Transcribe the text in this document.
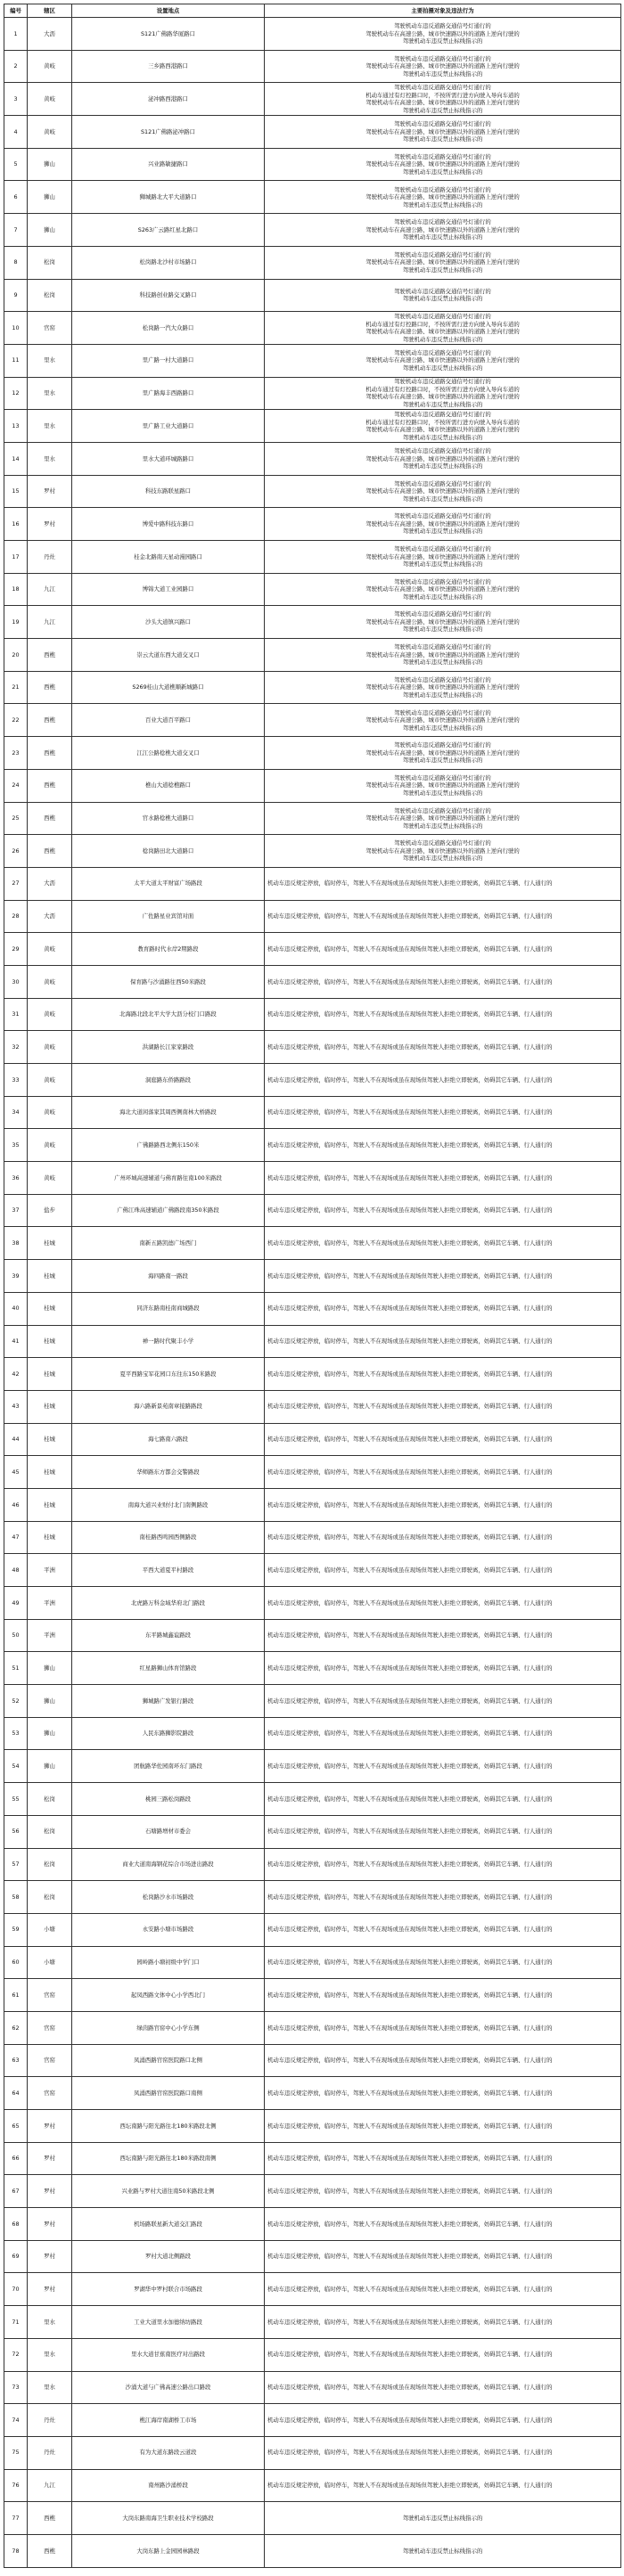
编号	辖区	设置地点	主要拍摄对象及违法行为
1	大沥	S121广佛路华厦路口	驾驶机动车违反道路交通信号灯通行的
驾驶机动车在高速公路、城市快速路以外的道路上逆向行驶的
驾驶机动车违反禁止标线指示的
2	黄岐	三乡路西港路口	驾驶机动车违反道路交通信号灯通行的
驾驶机动车在高速公路、城市快速路以外的道路上逆向行驶的
驾驶机动车违反禁止标线指示的
3	黄岐	泌冲路西港路口	驾驶机动车违反道路交通信号灯通行的
机动车通过有灯控路口时，不按所需行进方向驶入导向车道的
驾驶机动车在高速公路、城市快速路以外的道路上逆向行驶的
驾驶机动车违反禁止标线指示的
4	黄岐	S121广佛路泌冲路口	驾驶机动车违反道路交通信号灯通行的
驾驶机动车在高速公路、城市快速路以外的道路上逆向行驶的
驾驶机动车违反禁止标线指示的
5	狮山	兴业路敏捷路口	驾驶机动车违反道路交通信号灯通行的
驾驶机动车在高速公路、城市快速路以外的道路上逆向行驶的
驾驶机动车违反禁止标线指示的
6	狮山	狮城路北大平大道路口	驾驶机动车违反道路交通信号灯通行的
驾驶机动车在高速公路、城市快速路以外的道路上逆向行驶的
驾驶机动车违反禁止标线指示的
7	狮山	S263广云路红星北路口	驾驶机动车违反道路交通信号灯通行的
驾驶机动车在高速公路、城市快速路以外的道路上逆向行驶的
驾驶机动车违反禁止标线指示的
8	松岗	松岗路北沙村市场路口	驾驶机动车违反道路交通信号灯通行的
驾驶机动车在高速公路、城市快速路以外的道路上逆向行驶的
驾驶机动车违反禁止标线指示的
9	松岗	科技路创业路交叉路口	驾驶机动车违反道路交通信号灯通行的
驾驶机动车违反禁止标线指示的
10	官窑	松岗路一汽大众路口	驾驶机动车违反道路交通信号灯通行的
机动车通过有灯控路口时，不按所需行进方向驶入导向车道的
驾驶机动车在高速公路、城市快速路以外的道路上逆向行驶的
驾驶机动车违反禁止标线指示的
11	里水	里广路一村大道路口	驾驶机动车违反道路交通信号灯通行的
驾驶机动车在高速公路、城市快速路以外的道路上逆向行驶的
驾驶机动车违反禁止标线指示的
12	里水	里广路海丰西路路口	驾驶机动车违反道路交通信号灯通行的
机动车通过有灯控路口时，不按所需行进方向驶入导向车道的
驾驶机动车在高速公路、城市快速路以外的道路上逆向行驶的
驾驶机动车违反禁止标线指示的
13	里水	里广路工业大道路口	驾驶机动车违反道路交通信号灯通行的
机动车通过有灯控路口时，不按所需行进方向驶入导向车道的
驾驶机动车在高速公路、城市快速路以外的道路上逆向行驶的
驾驶机动车违反禁止标线指示的
14	里水	里水大道环城路路口	驾驶机动车违反道路交通信号灯通行的
驾驶机动车在高速公路、城市快速路以外的道路上逆向行驶的
驾驶机动车违反禁止标线指示的
15	罗村	科技东路联星路口	驾驶机动车违反道路交通信号灯通行的
驾驶机动车在高速公路、城市快速路以外的道路上逆向行驶的
驾驶机动车违反禁止标线指示的
16	罗村	博爱中路科技东路口	驾驶机动车违反道路交通信号灯通行的
驾驶机动车在高速公路、城市快速路以外的道路上逆向行驶的
驾驶机动车违反禁止标线指示的
17	丹灶	桂金北路南天星动漫园路口	驾驶机动车违反道路交通信号灯通行的
驾驶机动车在高速公路、城市快速路以外的道路上逆向行驶的
驾驶机动车违反禁止标线指示的
18	九江	博锦大道工业园路口	驾驶机动车违反道路交通信号灯通行的
驾驶机动车在高速公路、城市快速路以外的道路上逆向行驶的
驾驶机动车违反禁止标线指示的
19	九江	沙头大道镇兴路口	驾驶机动车违反道路交通信号灯通行的
驾驶机动车在高速公路、城市快速路以外的道路上逆向行驶的
驾驶机动车违反禁止标线指示的
20	西樵	崇云大道东西大道交叉口	驾驶机动车违反道路交通信号灯通行的
驾驶机动车在高速公路、城市快速路以外的道路上逆向行驶的
驾驶机动车违反禁止标线指示的
21	西樵	S269桂山大道樵顺新城路口	驾驶机动车违反道路交通信号灯通行的
驾驶机动车在高速公路、城市快速路以外的道路上逆向行驶的
驾驶机动车违反禁止标线指示的
22	西樵	百业大道百平路口	驾驶机动车违反道路交通信号灯通行的
驾驶机动车在高速公路、城市快速路以外的道路上逆向行驶的
驾驶机动车违反禁止标线指示的
23	西樵	江江公路稔樵大道交叉口	驾驶机动车违反道路交通信号灯通行的
驾驶机动车在高速公路、城市快速路以外的道路上逆向行驶的
驾驶机动车违反禁止标线指示的
24	西樵	樵山大道稔樵路口	驾驶机动车违反道路交通信号灯通行的
驾驶机动车在高速公路、城市快速路以外的道路上逆向行驶的
驾驶机动车违反禁止标线指示的
25	西樵	官水路稔樵大道路口	驾驶机动车违反道路交通信号灯通行的
驾驶机动车在高速公路、城市快速路以外的道路上逆向行驶的
驾驶机动车违反禁止标线指示的
26	西樵	稔岗路田北大道路口	驾驶机动车违反道路交通信号灯通行的
驾驶机动车在高速公路、城市快速路以外的道路上逆向行驶的
驾驶机动车违反禁止标线指示的
27	大沥	太平大道太平财富广场路段	机动车违反规定停放，临时停车，驾驶人不在现场或虽在现场但驾驶人拒绝立即驶离，妨碍其它车辆、行人通行的
28	大沥	广佐路星业宾馆对面	机动车违反规定停放，临时停车，驾驶人不在现场或虽在现场但驾驶人拒绝立即驶离，妨碍其它车辆、行人通行的
29	黄岐	教育路时代水岸2期路段	机动车违反规定停放，临时停车，驾驶人不在现场或虽在现场但驾驶人拒绝立即驶离，妨碍其它车辆、行人通行的
30	黄岐	保育路与沙涌路往西50米路段	机动车违反规定停放，临时停车，驾驶人不在现场或虽在现场但驾驶人拒绝立即驶离，妨碍其它车辆、行人通行的
31	黄岐	北海路北段北平大学大沥分校门口路段	机动车违反规定停放，临时停车，驾驶人不在现场或虽在现场但驾驶人拒绝立即驶离，妨碍其它车辆、行人通行的
32	黄岐	洪湖路长江家家路段	机动车违反规定停放，临时停车，驾驶人不在现场或虽在现场但驾驶人拒绝立即驶离，妨碍其它车辆、行人通行的
33	黄岐	洞庭路东侨路路段	机动车违反规定停放，临时停车，驾驶人不在现场或虽在现场但驾驶人拒绝立即驶离，妨碍其它车辆、行人通行的
34	黄岐	海北大道闲落家其周西侧南林大桥路段	机动车违反规定停放，临时停车，驾驶人不在现场或虽在现场但驾驶人拒绝立即驶离，妨碍其它车辆、行人通行的
35	黄岐	广佛路路西北侧东150米	机动车违反规定停放，临时停车，驾驶人不在现场或虽在现场但驾驶人拒绝立即驶离，妨碍其它车辆、行人通行的
36	黄岐	广州环城高速辅道与佛育路往南100米路段	机动车违反规定停放，临时停车，驾驶人不在现场或虽在现场但驾驶人拒绝立即驶离，妨碍其它车辆、行人通行的
37	盐步	广佛江珠高速辅道广佛路段南350米路段	机动车违反规定停放，临时停车，驾驶人不在现场或虽在现场但驾驶人拒绝立即驶离，妨碍其它车辆、行人通行的
38	桂城	南新五路凯德广场西门	机动车违反规定停放，临时停车，驾驶人不在现场或虽在现场但驾驶人拒绝立即驶离，妨碍其它车辆、行人通行的
39	桂城	海四路南一路段	机动车违反规定停放，临时停车，驾驶人不在现场或虽在现场但驾驶人拒绝立即驶离，妨碍其它车辆、行人通行的
40	桂城	同济东路南桂南商城路段	机动车违反规定停放，临时停车，驾驶人不在现场或虽在现场但驾驶人拒绝立即驶离，妨碍其它车辆、行人通行的
41	桂城	禅一路时代聚丰小学	机动车违反规定停放，临时停车，驾驶人不在现场或虽在现场但驾驶人拒绝立即驶离，妨碍其它车辆、行人通行的
42	桂城	夏平西路宝军花园口东往东150米路段	机动车违反规定停放，临时停车，驾驶人不在现场或虽在现场但驾驶人拒绝立即驶离，妨碍其它车辆、行人通行的
43	桂城	海六路新景苑南章接路路段	机动车违反规定停放，临时停车，驾驶人不在现场或虽在现场但驾驶人拒绝立即驶离，妨碍其它车辆、行人通行的
44	桂城	海七路南六路段	机动车违反规定停放，临时停车，驾驶人不在现场或虽在现场但驾驶人拒绝立即驶离，妨碍其它车辆、行人通行的
45	桂城	华师路东方都会交警路段	机动车违反规定停放，临时停车，驾驶人不在现场或虽在现场但驾驶人拒绝立即驶离，妨碍其它车辆、行人通行的
46	桂城	南海大道兴业财付北门南侧路段	机动车违反规定停放，临时停车，驾驶人不在现场或虽在现场但驾驶人拒绝立即驶离，妨碍其它车辆、行人通行的
47	桂城	南桂路西鸣园西侧路段	机动车违反规定停放，临时停车，驾驶人不在现场或虽在现场但驾驶人拒绝立即驶离，妨碍其它车辆、行人通行的
48	平洲	平西大道夏平村路段	机动车违反规定停放，临时停车，驾驶人不在现场或虽在现场但驾驶人拒绝立即驶离，妨碍其它车辆、行人通行的
49	平洲	北虎路万科金域华府北门路段	机动车违反规定停放，临时停车，驾驶人不在现场或虽在现场但驾驶人拒绝立即驶离，妨碍其它车辆、行人通行的
50	平洲	东平路城鑫谊路段	机动车违反规定停放，临时停车，驾驶人不在现场或虽在现场但驾驶人拒绝立即驶离，妨碍其它车辆、行人通行的
51	狮山	红星路狮山体育馆路段	机动车违反规定停放，临时停车，驾驶人不在现场或虽在现场但驾驶人拒绝立即驶离，妨碍其它车辆、行人通行的
52	狮山	狮城路广发银行路段	机动车违反规定停放，临时停车，驾驶人不在现场或虽在现场但驾驶人拒绝立即驶离，妨碍其它车辆、行人通行的
53	狮山	人民东路狮影院路段	机动车违反规定停放，临时停车，驾驶人不在现场或虽在现场但驾驶人拒绝立即驶离，妨碍其它车辆、行人通行的
54	狮山	团航路华佐园南环东门路段	机动车违反规定停放，临时停车，驾驶人不在现场或虽在现场但驾驶人拒绝立即驶离，妨碍其它车辆、行人通行的
55	松岗	桃园三路松岗路段	机动车违反规定停放，临时停车，驾驶人不在现场或虽在现场但驾驶人拒绝立即驶离，妨碍其它车辆、行人通行的
56	松岗	石塘路增材市委会	机动车违反规定停放，临时停车，驾驶人不在现场或虽在现场但驾驶人拒绝立即驶离，妨碍其它车辆、行人通行的
57	松岗	商业大道南海钢花综合市场进出路段	机动车违反规定停放，临时停车，驾驶人不在现场或虽在现场但驾驶人拒绝立即驶离，妨碍其它车辆、行人通行的
58	松岗	松岗路沙水市场路段	机动车违反规定停放，临时停车，驾驶人不在现场或虽在现场但驾驶人拒绝立即驶离，妨碍其它车辆、行人通行的
59	小塘	永安路小塘市场路段	机动车违反规定停放，临时停车，驾驶人不在现场或虽在现场但驾驶人拒绝立即驶离，妨碍其它车辆、行人通行的
60	小塘	园岭路小塘初级中学门口	机动车违反规定停放，临时停车，驾驶人不在现场或虽在现场但驾驶人拒绝立即驶离，妨碍其它车辆、行人通行的
61	官窑	起凤西路文体中心小学西北门	机动车违反规定停放，临时停车，驾驶人不在现场或虽在现场但驾驶人拒绝立即驶离，妨碍其它车辆、行人通行的
62	官窑	绿茵路官窑中心小学东侧	机动车违反规定停放，临时停车，驾驶人不在现场或虽在现场但驾驶人拒绝立即驶离，妨碍其它车辆、行人通行的
63	官窑	凤涌西路官窑医院路口北侧	机动车违反规定停放，临时停车，驾驶人不在现场或虽在现场但驾驶人拒绝立即驶离，妨碍其它车辆、行人通行的
64	官窑	凤涌西路官窑医院路口南侧	机动车违反规定停放，临时停车，驾驶人不在现场或虽在现场但驾驶人拒绝立即驶离，妨碍其它车辆、行人通行的
65	罗村	西坛南路与阳光路往北180米路段北侧	机动车违反规定停放，临时停车，驾驶人不在现场或虽在现场但驾驶人拒绝立即驶离，妨碍其它车辆、行人通行的
66	罗村	西坛南路与阳光路往北180米路段南侧	机动车违反规定停放，临时停车，驾驶人不在现场或虽在现场但驾驶人拒绝立即驶离，妨碍其它车辆、行人通行的
67	罗村	兴业路与罗村大道往南50米路段北侧	机动车违反规定停放，临时停车，驾驶人不在现场或虽在现场但驾驶人拒绝立即驶离，妨碍其它车辆、行人通行的
68	罗村	机场路联星新大道交汇路段	机动车违反规定停放，临时停车，驾驶人不在现场或虽在现场但驾驶人拒绝立即驶离，妨碍其它车辆、行人通行的
69	罗村	罗村大道北侧路段	机动车违反规定停放，临时停车，驾驶人不在现场或虽在现场但驾驶人拒绝立即驶离，妨碍其它车辆、行人通行的
70	罗村	罗湖华中罗村联合市场路段	机动车违反规定停放，临时停车，驾驶人不在现场或虽在现场但驾驶人拒绝立即驶离，妨碍其它车辆、行人通行的
71	里水	工业大道里水加德纳坊路段	机动车违反规定停放，临时停车，驾驶人不在现场或虽在现场但驾驶人拒绝立即驶离，妨碍其它车辆、行人通行的
72	里水	里水大道甘蕉南医疗对出路段	机动车违反规定停放，临时停车，驾驶人不在现场或虽在现场但驾驶人拒绝立即驶离，妨碍其它车辆、行人通行的
73	里水	沙涌大道与广佛高速公路出口路段	机动车违反规定停放，临时停车，驾驶人不在现场或虽在现场但驾驶人拒绝立即驶离，妨碍其它车辆、行人通行的
74	丹灶	樵江海岸南湖桥工市场	机动车违反规定停放，临时停车，驾驶人不在现场或虽在现场但驾驶人拒绝立即驶离，妨碍其它车辆、行人通行的
75	丹灶	有为大道东路段云道段	机动车违反规定停放，临时停车，驾驶人不在现场或虽在现场但驾驶人拒绝立即驶离，妨碍其它车辆、行人通行的
76	九江	南州路沙涌桥段	机动车违反规定停放，临时停车，驾驶人不在现场或虽在现场但驾驶人拒绝立即驶离，妨碍其它车辆、行人通行的
77	西樵	大岗东路南海卫生职业技术学校路段	驾驶机动车违反禁止标线指示的
78	西樵	大岗东路上金园园林路段	驾驶机动车违反禁止标线指示的
